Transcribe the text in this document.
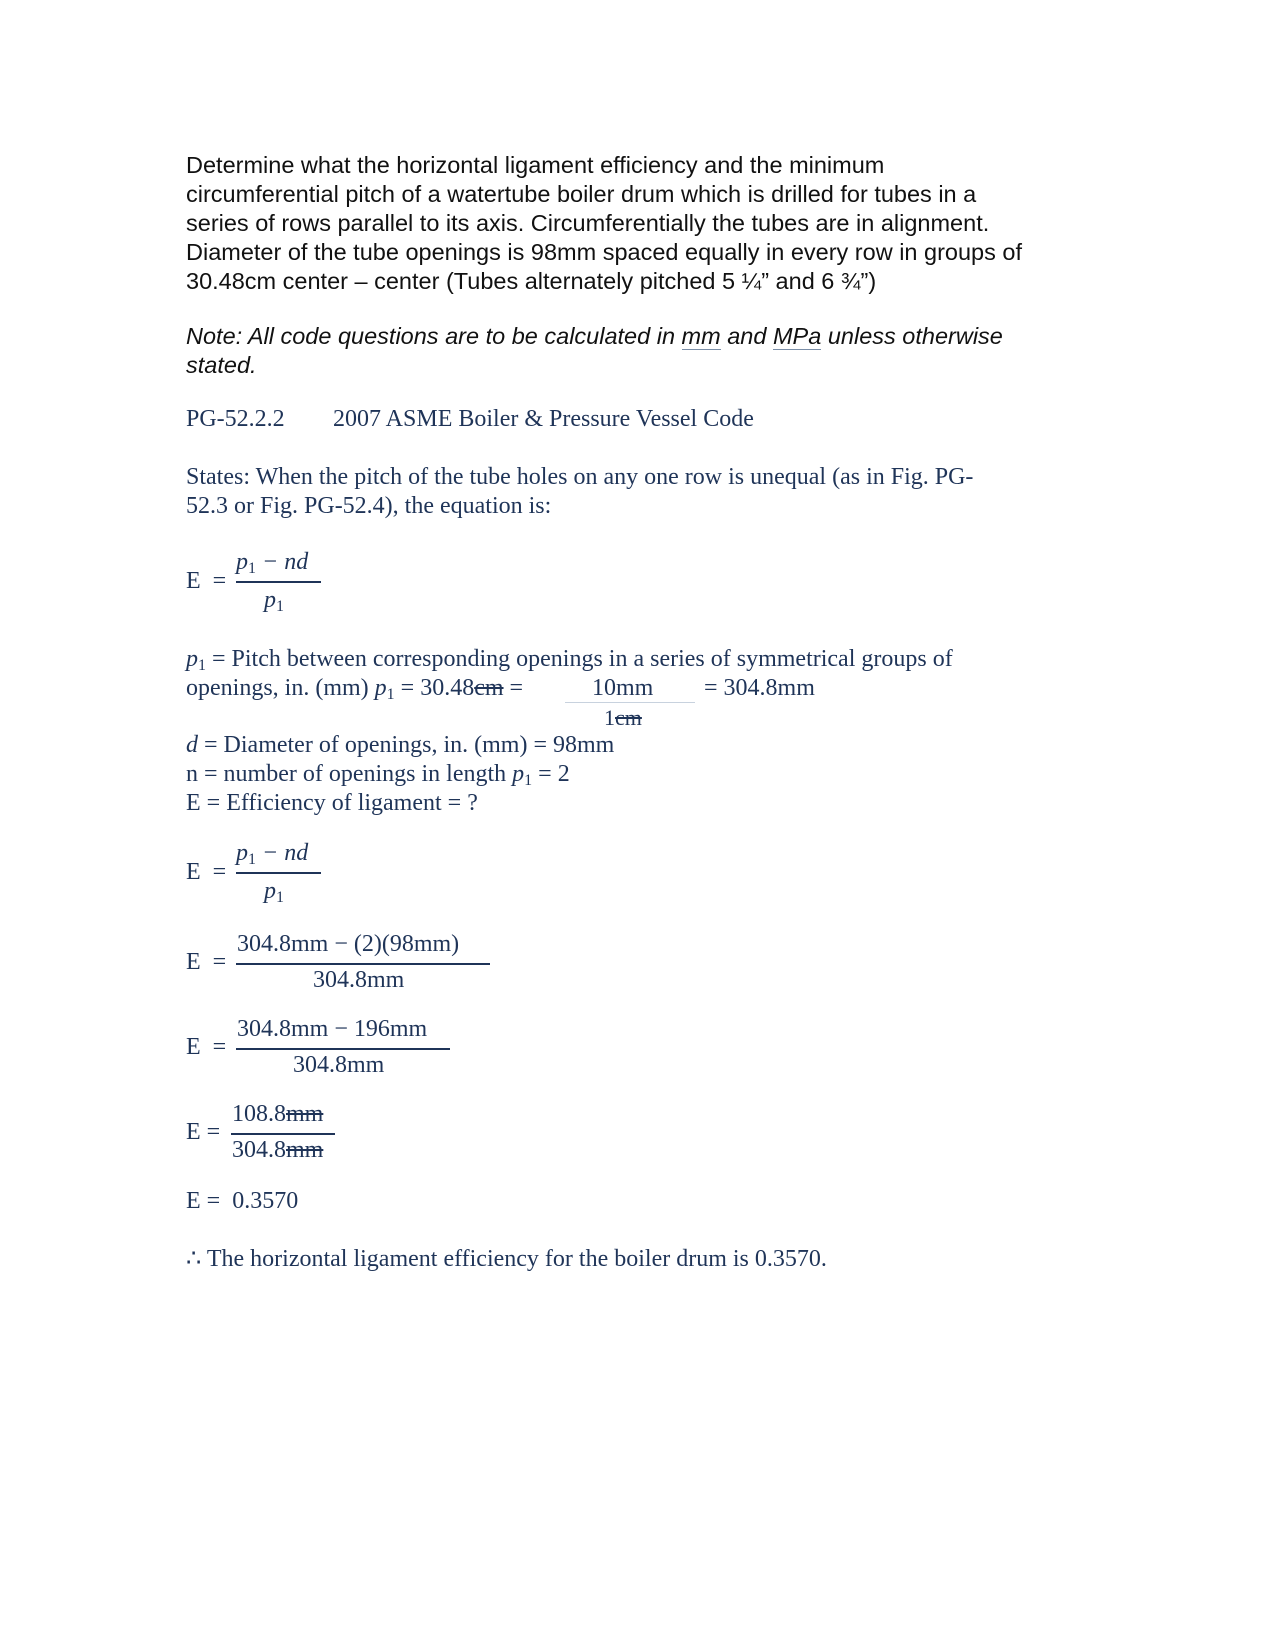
Determine what the horizontal ligament efficiency and the minimum
circumferential pitch of a watertube boiler drum which is drilled for tubes in a
series of rows parallel to its axis. Circumferentially the tubes are in alignment.
Diameter of the tube openings is 98mm spaced equally in every row in groups of
30.48cm center – center (Tubes alternately pitched 5 ¼” and 6 ¾”)
Note: All code questions are to be calculated in mm and MPa unless otherwise
stated.
PG-52.2.2 2007 ASME Boiler & Pressure Vessel Code
States: When the pitch of the tube holes on any one row is unequal (as in Fig. PG-
52.3 or Fig. PG-52.4), the equation is:
E =
p1 − nd
p1
p1 = Pitch between corresponding openings in a series of symmetrical groups of
openings, in. (mm) p1 = 30.48cm =	10mm
1cm
= 304.8mm
d = Diameter of openings, in. (mm) = 98mm
n = number of openings in length p1 = 2
E = Efficiency of ligament = ?
E =
p1 − nd
p1
E =
304.8mm − (2)(98mm)
304.8mm
E =
304.8mm − 196mm
304.8mm
E =
108.8mm
304.8mm
E = 0.3570
∴ The horizontal ligament efficiency for the boiler drum is 0.3570.
